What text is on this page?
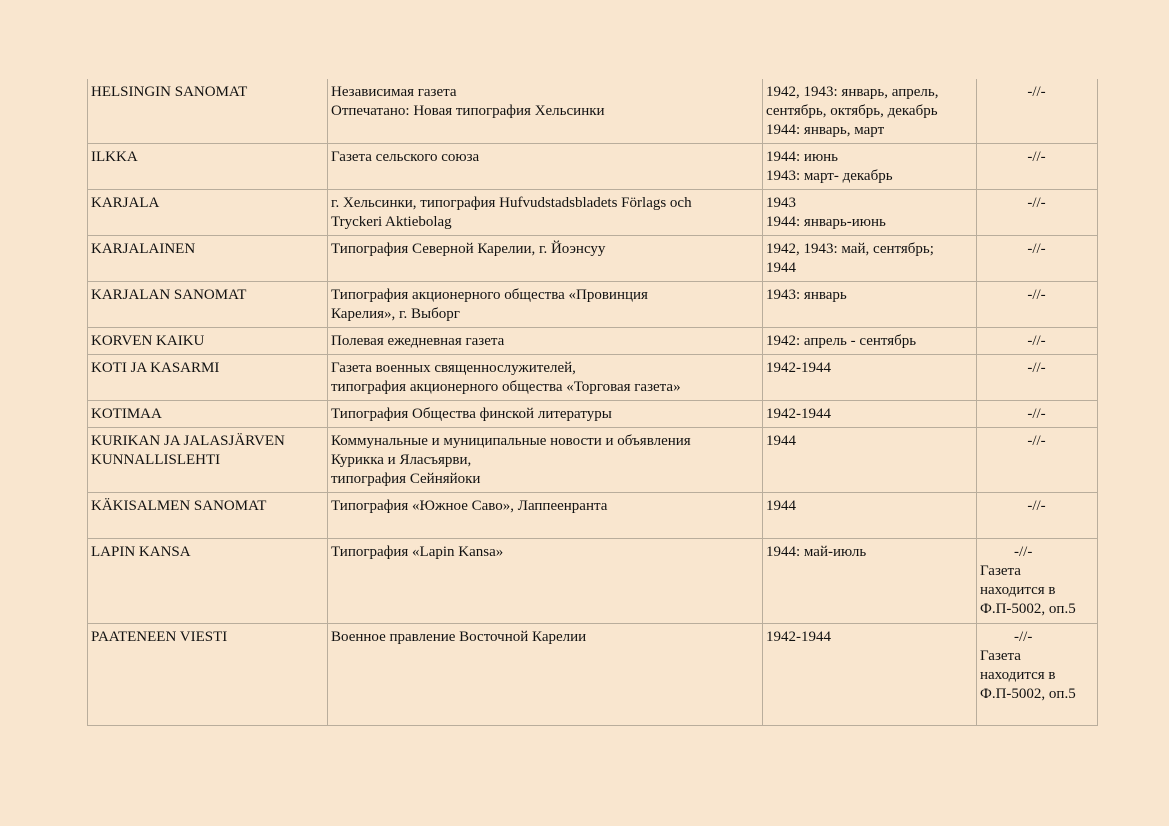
HELSINGIN SANOMAT	Независимая газета
Отпечатано: Новая типография Хельсинки	1942, 1943: январь, апрель,
сентябрь, октябрь, декабрь
1944: январь, март	-//-
ILKKA	Газета сельского союза	1944: июнь
1943: март- декабрь	-//-
KARJALA	г. Хельсинки, типография Hufvudstadsbladets Förlags och
Tryckeri Aktiebolag	1943
1944: январь-июнь	-//-
KARJALAINEN	Типография Северной Карелии, г. Йоэнсуу	1942, 1943: май, сентябрь;
1944	-//-
KARJALAN SANOMAT	Типография акционерного общества «Провинция
Карелия», г. Выборг	1943: январь	-//-
KORVEN KAIKU	Полевая ежедневная газета	1942: апрель - сентябрь	-//-
KOTI JA KASARMI	Газета военных священнослужителей,
типография акционерного общества «Торговая газета»	1942-1944	-//-
KOTIMAA	Типография Общества финской литературы	1942-1944	-//-
KURIKAN JA JALASJÄRVEN
KUNNALLISLEHTI	Коммунальные и муниципальные новости и объявления
Курикка и Яласъярви,
типография Сейняйоки	1944	-//-
KÄKISALMEN SANOMAT	Типография «Южное Саво», Лаппеенранта	1944	-//-
LAPIN KANSA	Типография «Lapin Kansa»	1944: май-июль	-//-
Газета
находится в
Ф.П-5002, оп.5
PAATENEEN VIESTI	Военное правление Восточной Карелии	1942-1944	-//-
Газета
находится в
Ф.П-5002, оп.5
